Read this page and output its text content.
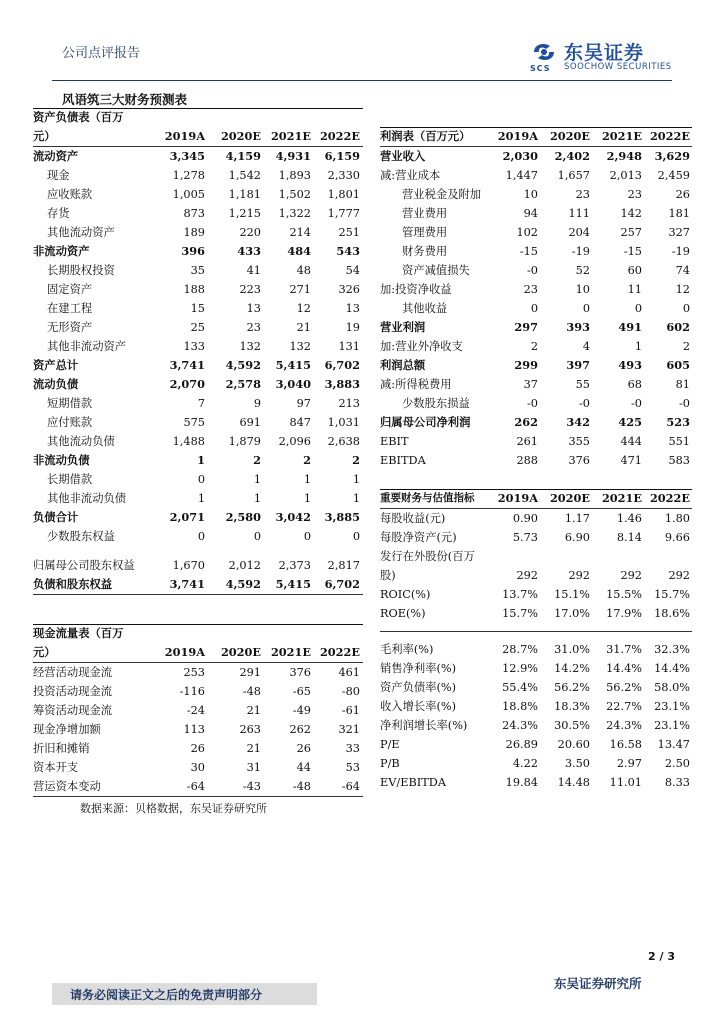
公司点评报告
SCS
东吴证券
SOOCHOW SECURITIES
风语筑三大财务预测表
资产负债表（百万
元）	2019A	2020E 2021E 2022E
流动资产	3,345	4,159	4,931	6,159
现金	1,278	1,542	1,893	2,330
应收账款	1,005	1,181	1,502	1,801
存货	873	1,215	1,322	1,777
其他流动资产	189	220	214	251
非流动资产	396	433	484	543
长期股权投资	35	41	48	54
固定资产	188	223	271	326
在建工程	15	13	12	13
无形资产	25	23	21	19
其他非流动资产	133	132	132	131
资产总计	3,741	4,592	5,415	6,702
流动负债	2,070	2,578	3,040	3,883
短期借款	7	9	97	213
应付账款	575	691	847	1,031
其他流动负债	1,488	1,879	2,096	2,638
非流动负债	1	2	2	2
长期借款	0	1	1	1
其他非流动负债	1	1	1	1
负债合计	2,071	2,580	3,042	3,885
少数股东权益	0	0	0	0
归属母公司股东权益	1,670	2,012	2,373	2,817
负债和股东权益	3,741	4,592	5,415	6,702
利润表（百万元） 2019A	2020E	2021E 2022E
营业收入	2,030	2,402	2,948	3,629
减:营业成本	1,447	1,657	2,013	2,459
营业税金及附加	10	23	23	26
营业费用	94	111	142	181
管理费用	102	204	257	327
财务费用	-15	-19	-15	-19
资产减值损失	-0	52	60	74
加:投资净收益	23	10	11	12
其他收益	0	0	0	0
营业利润	297	393	491	602
加:营业外净收支	2	4	1	2
利润总额	299	397	493	605
减:所得税费用	37	55	68	81
少数股东损益	-0	-0	-0	-0
归属母公司净利润	262	342	425	523
EBIT	261	355	444	551
EBITDA	288	376	471	583
重要财务与估值指标 2019A	2020E	2021E 2022E
每股收益(元)	0.90	1.17	1.46	1.80
每股净资产(元)	5.73	6.90	8.14	9.66
发行在外股份(百万股)	292	292	292	292
ROIC(%)	13.7%	15.1%	15.5%	15.7%
ROE(%)	15.7%	17.0%	17.9%	18.6%
毛利率(%)	28.7%	31.0%	31.7%	32.3%
销售净利率(%)	12.9%	14.2%	14.4%	14.4%
资产负债率(%)	55.4%	56.2%	56.2%	58.0%
收入增长率(%)	18.8%	18.3%	22.7%	23.1%
净利润增长率(%)	24.3%	30.5%	24.3%	23.1%
P/E	26.89	20.60	16.58	13.47
P/B	4.22	3.50	2.97	2.50
EV/EBITDA	19.84	14.48	11.01	8.33
现金流量表（百万
元）	2019A	2020E 2021E 2022E
经营活动现金流	253	291	376	461
投资活动现金流	-116	-48	-65	-80
筹资活动现金流	-24	21	-49	-61
现金净增加额	113	263	262	321
折旧和摊销	26	21	26	33
资本开支	30	31	44	53
营运资本变动	-64	-43	-48	-64
数据来源：贝格数据，东吴证券研究所
2 / 3
请务必阅读正文之后的免责声明部分
东吴证券研究所
